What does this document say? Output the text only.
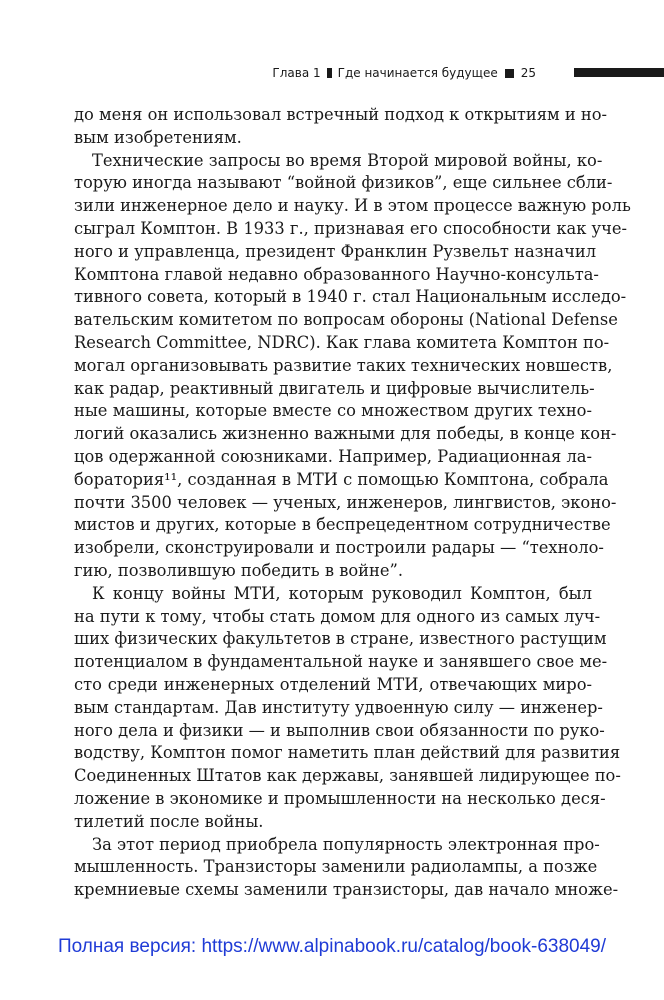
Глава 1 Где начинается будущее 25
до меня он использовал встречный подход к открытиям и но-
вым изобретениям.
Технические запросы во время Второй мировой войны, ко-
торую иногда называют “войной физиков”, еще сильнее сбли-
зили инженерное дело и науку. И в этом процессе важную роль
сыграл Комптон. В 1933 г., признавая его способности как уче-
ного и управленца, президент Франклин Рузвельт назначил
Комптона главой недавно образованного Научно-консульта-
тивного совета, который в 1940 г. стал Национальным исследо-
вательским комитетом по вопросам обороны (National Defense
Research Committee, NDRC). Как глава комитета Комптон по-
могал организовывать развитие таких технических новшеств,
как радар, реактивный двигатель и цифровые вычислитель-
ные машины, которые вместе со множеством других техно-
логий оказались жизненно важными для победы, в конце кон-
цов одержанной союзниками. Например, Радиационная ла-
боратория¹¹, созданная в МТИ с помощью Комптона, собрала
почти 3500 человек — ученых, инженеров, лингвистов, эконо-
мистов и других, которые в беспрецедентном сотрудничестве
изобрели, сконструировали и построили радары — “техноло-
гию, позволившую победить в войне”.
К концу войны МТИ, которым руководил Комптон, был
на пути к тому, чтобы стать домом для одного из самых луч-
ших физических факультетов в стране, известного растущим
потенциалом в фундаментальной науке и занявшего свое ме-
сто среди инженерных отделений МТИ, отвечающих миро-
вым стандартам. Дав институту удвоенную силу — инженер-
ного дела и физики — и выполнив свои обязанности по руко-
водству, Комптон помог наметить план действий для развития
Соединенных Штатов как державы, занявшей лидирующее по-
ложение в экономике и промышленности на несколько деся-
тилетий после войны.
За этот период приобрела популярность электронная про-
мышленность. Транзисторы заменили радиолампы, а позже
кремниевые схемы заменили транзисторы, дав начало множе-
Полная версия: https://www.alpinabook.ru/catalog/book-638049/
